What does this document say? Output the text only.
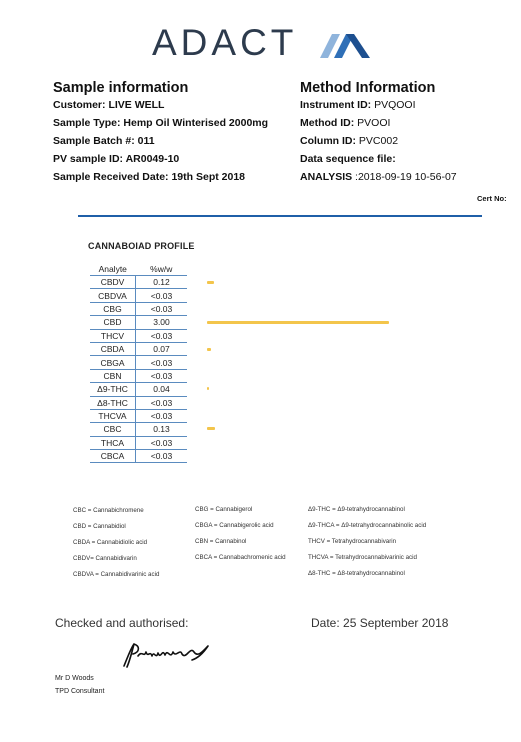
ADACT
Sample information
Customer: LIVE WELL
Sample Type: Hemp Oil Winterised 2000mg
Sample Batch #: 011
PV sample ID: AR0049-10
Sample Received Date: 19th Sept 2018
Method Information
Instrument ID: PVQOOI
Method ID: PVOOI
Column ID: PVC002
Data sequence file:
ANALYSIS :2018-09-19 10-56-07
Cert No:
CANNABOIAD PROFILE
Analyte	%w/w
CBDV	0.12
CBDVA	<0.03
CBG	<0.03
CBD	3.00
THCV	<0.03
CBDA	0.07
CBGA	<0.03
CBN	<0.03
Δ9-THC	0.04
Δ8-THC	<0.03
THCVA	<0.03
CBC	0.13
THCA	<0.03
CBCA	<0.03
CBC = Cannabichromene
CBD = Cannabidiol
CBDA = Cannabidiolic acid
CBDV= Cannabidivarin
CBDVA = Cannabidivarinic acid
CBG = Cannabigerol
CBGA = Cannabigerolic acid
CBN = Cannabinol
CBCA = Cannabachromenic acid
Δ9-THC = Δ9-tetrahydrocannabinol
Δ9-THCA = Δ9-tetrahydrocannabinolic acid
THCV = Tetrahydrocannabivarin
THCVA = Tetrahydrocannabivarinic acid
Δ8-THC = Δ8-tetrahydrocannabinol
Checked and authorised:	Date: 25 September 2018
Mr D Woods
TPD Consultant
